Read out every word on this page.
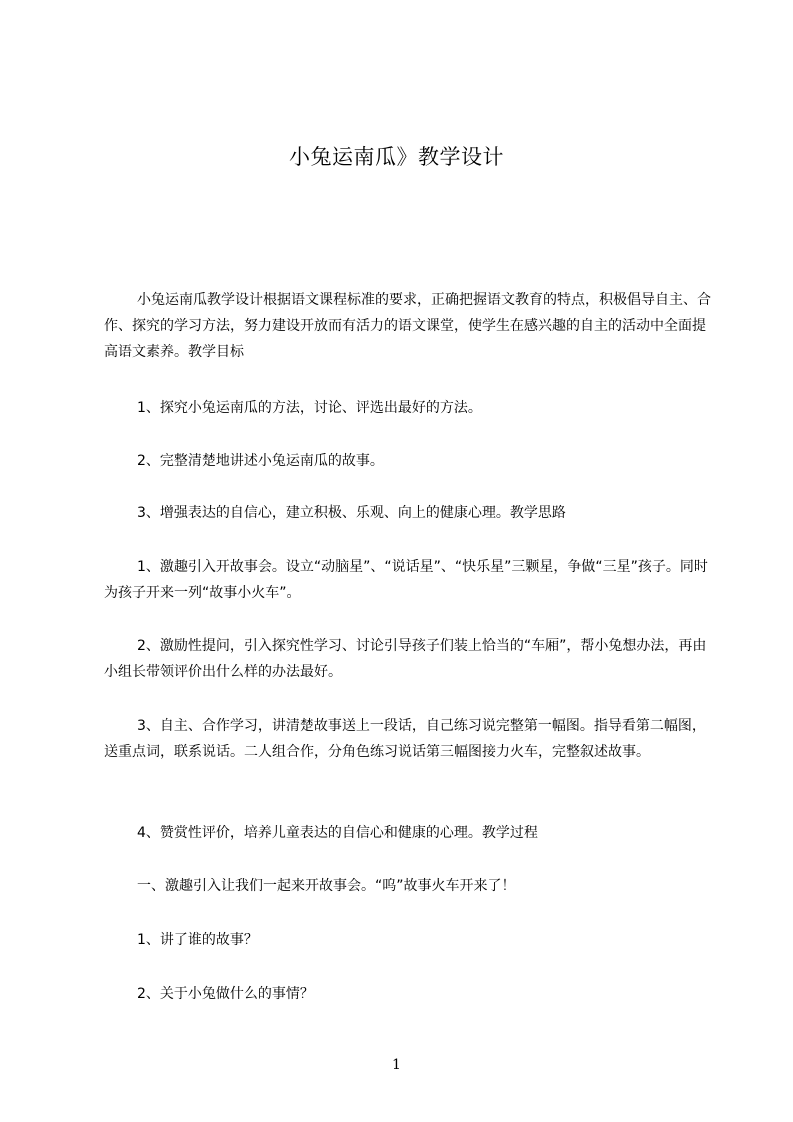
小兔运南瓜》教学设计

小兔运南瓜教学设计根据语文课程标准的要求，正确把握语文教育的特点，积极倡导自主、合作、探究的学习方法，努力建设开放而有活力的语文课堂，使学生在感兴趣的自主的活动中全面提高语文素养。教学目标

1、探究小兔运南瓜的方法，讨论、评选出最好的方法。

2、完整清楚地讲述小兔运南瓜的故事。

3、增强表达的自信心，建立积极、乐观、向上的健康心理。教学思路

1、激趣引入开故事会。设立“动脑星”、“说话星”、“快乐星”三颗星，争做“三星”孩子。同时为孩子开来一列“故事小火车”。

2、激励性提问，引入探究性学习、讨论引导孩子们装上恰当的“车厢”，帮小兔想办法，再由小组长带领评价出什么样的办法最好。

3、自主、合作学习，讲清楚故事送上一段话，自己练习说完整第一幅图。指导看第二幅图，送重点词，联系说话。二人组合作，分角色练习说话第三幅图接力火车，完整叙述故事。

4、赞赏性评价，培养儿童表达的自信心和健康的心理。教学过程

一、激趣引入让我们一起来开故事会。“呜”故事火车开来了！

1、讲了谁的故事？

2、关于小兔做什么的事情？

1
